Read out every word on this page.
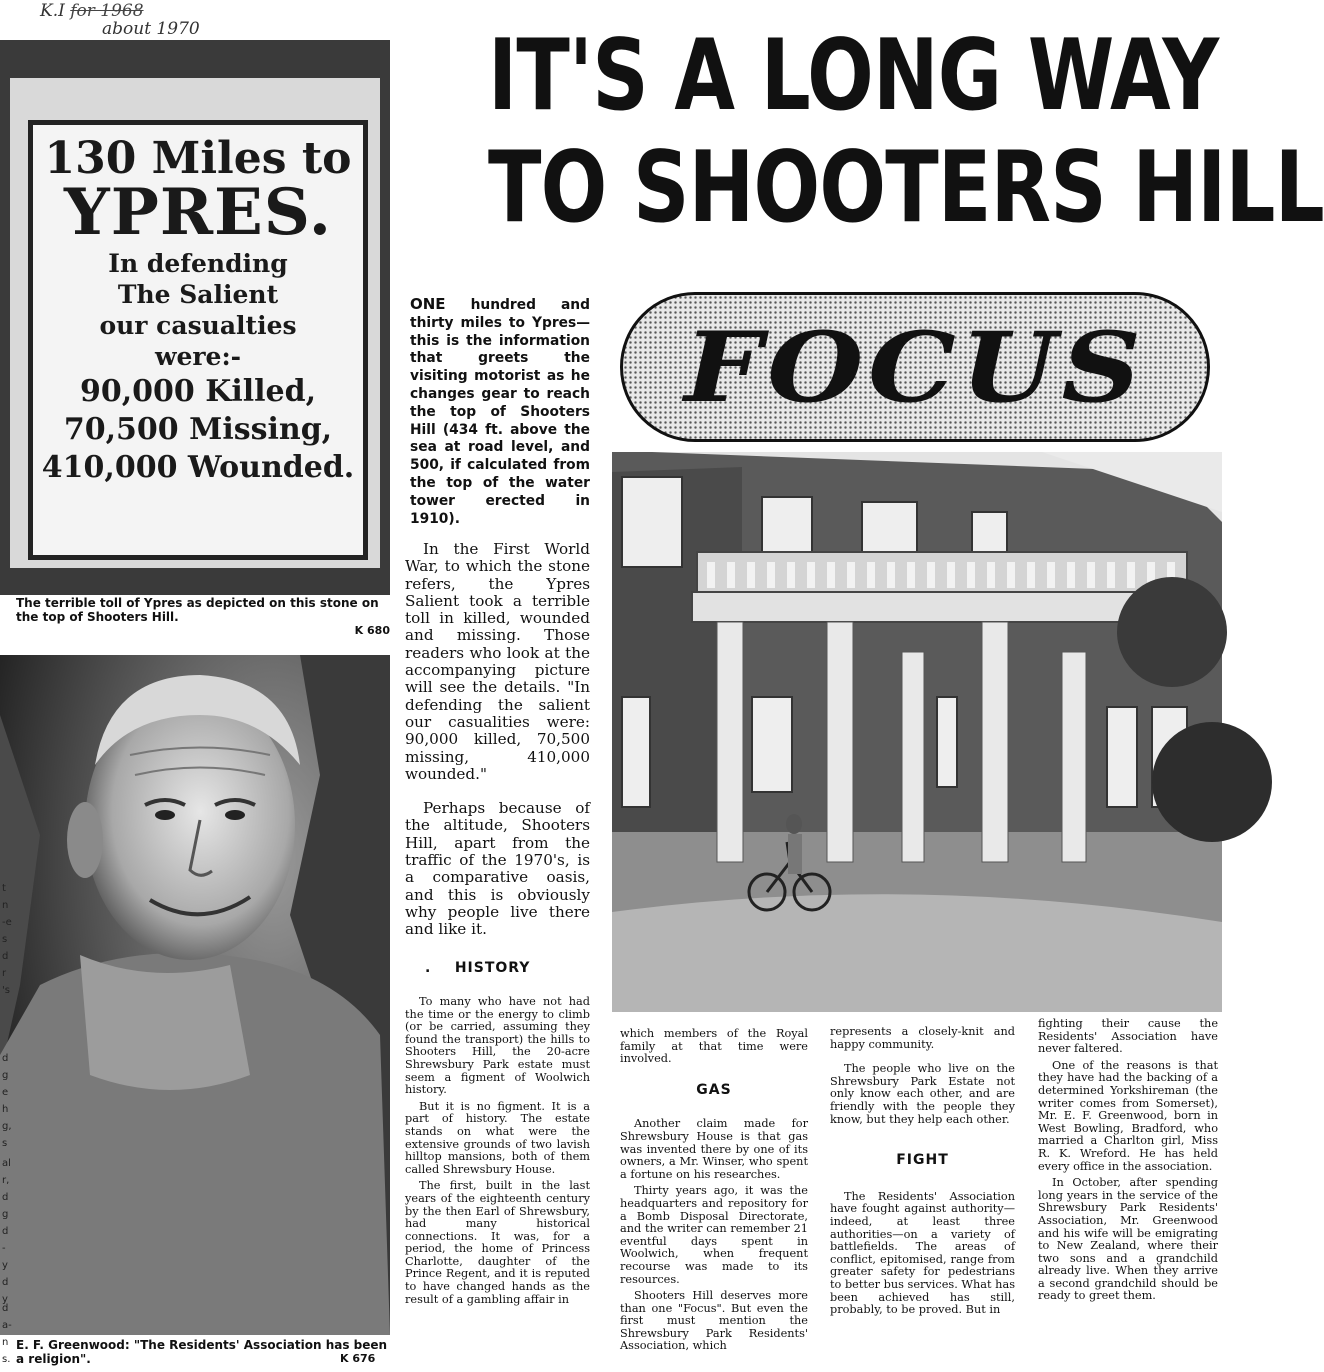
K.I for 1968
about 1970
130 Miles to
YPRES.
In defending
The Salient
our casualties
were:-
90,000 Killed,
70,500 Missing,
410,000 Wounded.
The terrible toll of Ypres as depicted on this stone on the top of Shooters Hill.
K 680
E. F. Greenwood: "The Residents' Association has been a religion".	K 676
t
n
-e
s
d
r
's
d
g
e
h
g,
s
al
r,
d
g
d
-
y
d
y
d
a-
n
s.
IT'S A LONG WAY
TO SHOOTERS HILL
FOCUS
ONE hundred and thirty miles to Ypres—this is the information that greets the visiting motorist as he changes gear to reach the top of Shooters Hill (434 ft. above the sea at road level, and 500, if calculated from the top of the water tower erected in 1910).

In the First World War, to which the stone refers, the Ypres Salient took a terrible toll in killed, wounded and missing. Those readers who look at the accompanying picture will see the details. "In defending the salient our casualities were: 90,000 killed, 70,500 missing, 410,000 wounded."

Perhaps because of the altitude, Shooters Hill, apart from the traffic of the 1970's, is a comparative oasis, and this is obviously why people live there and like it.

.    HISTORY

To many who have not had the time or the energy to climb (or be carried, assuming they found the transport) the hills to Shooters Hill, the 20-acre Shrewsbury Park estate must seem a figment of Woolwich history.

But it is no figment. It is a part of history. The estate stands on what were the extensive grounds of two lavish hilltop mansions, both of them called Shrewsbury House.

The first, built in the last years of the eighteenth century by the then Earl of Shrewsbury, had many historical connections. It was, for a period, the home of Princess Charlotte, daughter of the Prince Regent, and it is reputed to have changed hands as the result of a gambling affair in

which members of the Royal family at that time were involved.

GAS

Another claim made for Shrewsbury House is that gas was invented there by one of its owners, a Mr. Winser, who spent a fortune on his researches.

Thirty years ago, it was the headquarters and repository for a Bomb Disposal Directorate, and the writer can remember 21 eventful days spent in Woolwich, when frequent recourse was made to its resources.

Shooters Hill deserves more than one "Focus". But even the first must mention the Shrewsbury Park Residents' Association, which

represents a closely-knit and happy community.

The people who live on the Shrewsbury Park Estate not only know each other, and are friendly with the people they know, but they help each other.

FIGHT

The Residents' Association have fought against authority—indeed, at least three authorities—on a variety of battlefields. The areas of conflict, epitomised, range from greater safety for pedestrians to better bus services. What has been achieved has still, probably, to be proved. But in

fighting their cause the Residents' Association have never faltered.

One of the reasons is that they have had the backing of a determined Yorkshireman (the writer comes from Somerset), Mr. E. F. Greenwood, born in West Bowling, Bradford, who married a Charlton girl, Miss R. K. Wreford. He has held every office in the association.

In October, after spending long years in the service of the Shrewsbury Park Residents' Association, Mr. Greenwood and his wife will be emigrating to New Zealand, where their two sons and a grandchild already live. When they arrive a second grandchild should be ready to greet them.
